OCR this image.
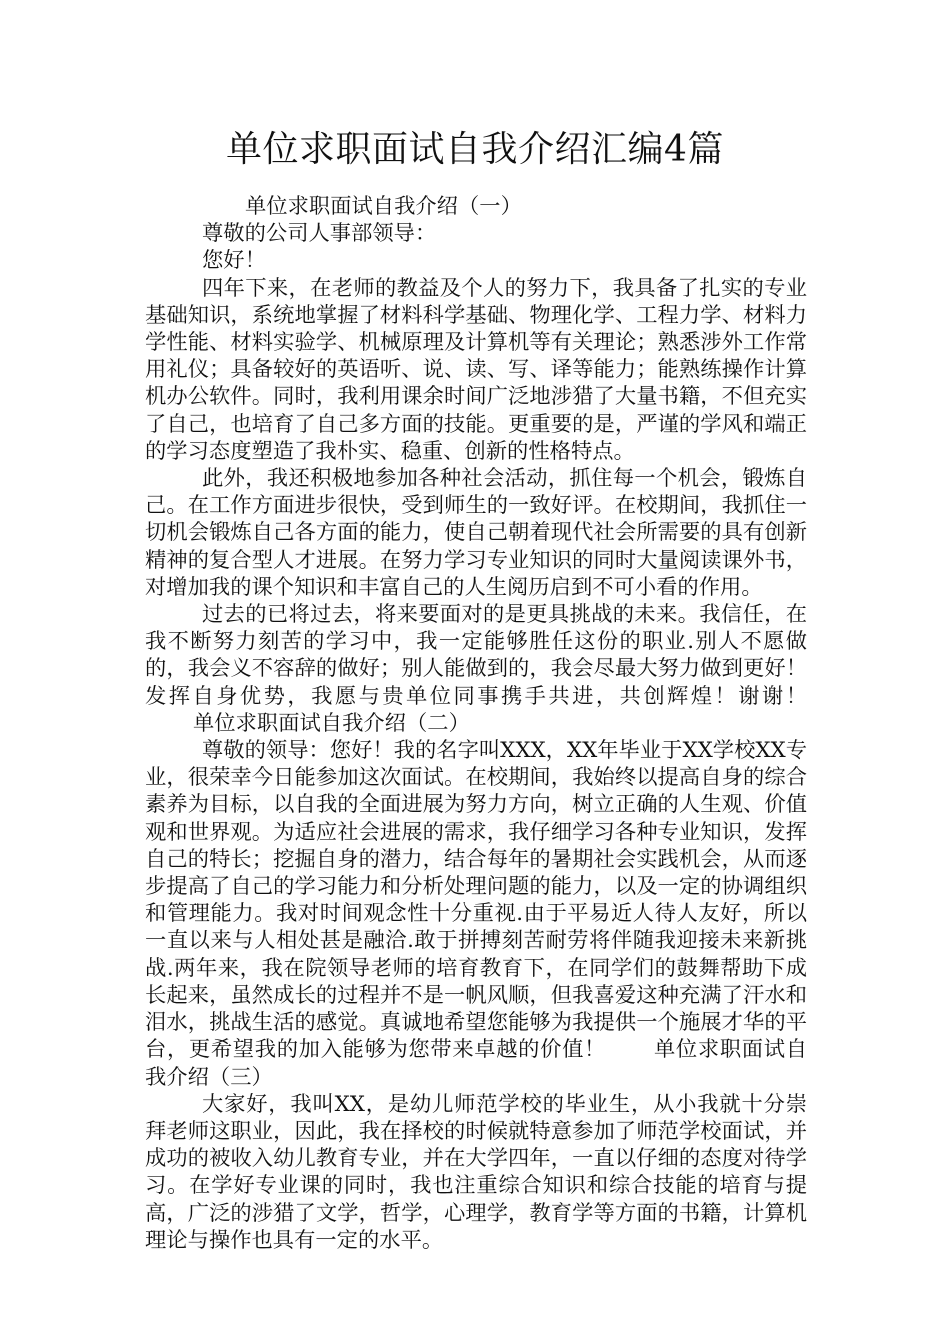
单位求职面试自我介绍汇编4篇

单位求职面试自我介绍（一）

尊敬的公司人事部领导：

您好！

四年下来，在老师的教益及个人的努力下，我具备了扎实的专业基础知识，系统地掌握了材料科学基础、物理化学、工程力学、材料力学性能、材料实验学、机械原理及计算机等有关理论；熟悉涉外工作常用礼仪；具备较好的英语听、说、读、写、译等能力；能熟练操作计算机办公软件。同时，我利用课余时间广泛地涉猎了大量书籍，不但充实了自己，也培育了自己多方面的技能。更重要的是，严谨的学风和端正的学习态度塑造了我朴实、稳重、创新的性格特点。

此外，我还积极地参加各种社会活动，抓住每一个机会，锻炼自己。在工作方面进步很快，受到师生的一致好评。在校期间，我抓住一切机会锻炼自己各方面的能力，使自己朝着现代社会所需要的具有创新精神的复合型人才进展。在努力学习专业知识的同时大量阅读课外书，对增加我的课个知识和丰富自己的人生阅历启到不可小看的作用。

过去的已将过去，将来要面对的是更具挑战的未来。我信任，在我不断努力刻苦的学习中，我一定能够胜任这份的职业.别人不愿做的，我会义不容辞的做好；别人能做到的，我会尽最大努力做到更好！发挥自身优势，我愿与贵单位同事携手共进，共创辉煌！谢谢！单位求职面试自我介绍（二）

尊敬的领导：您好！我的名字叫XXX，XX年毕业于XX学校XX专业，很荣幸今日能参加这次面试。在校期间，我始终以提高自身的综合素养为目标，以自我的全面进展为努力方向，树立正确的人生观、价值观和世界观。为适应社会进展的需求，我仔细学习各种专业知识，发挥自己的特长；挖掘自身的潜力，结合每年的暑期社会实践机会，从而逐步提高了自己的学习能力和分析处理问题的能力，以及一定的协调组织和管理能力。我对时间观念性十分重视.由于平易近人待人友好，所以一直以来与人相处甚是融洽.敢于拼搏刻苦耐劳将伴随我迎接未来新挑战.两年来，我在院领导老师的培育教育下，在同学们的鼓舞帮助下成长起来，虽然成长的过程并不是一帆风顺，但我喜爱这种充满了汗水和泪水，挑战生活的感觉。真诚地希望您能够为我提供一个施展才华的平台，更希望我的加入能够为您带来卓越的价值！ 单位求职面试自我介绍（三）

大家好，我叫XX，是幼儿师范学校的毕业生，从小我就十分崇拜老师这职业，因此，我在择校的时候就特意参加了师范学校面试，并成功的被收入幼儿教育专业，并在大学四年，一直以仔细的态度对待学习。在学好专业课的同时，我也注重综合知识和综合技能的培育与提高，广泛的涉猎了文学，哲学，心理学，教育学等方面的书籍，计算机理论与操作也具有一定的水平。
